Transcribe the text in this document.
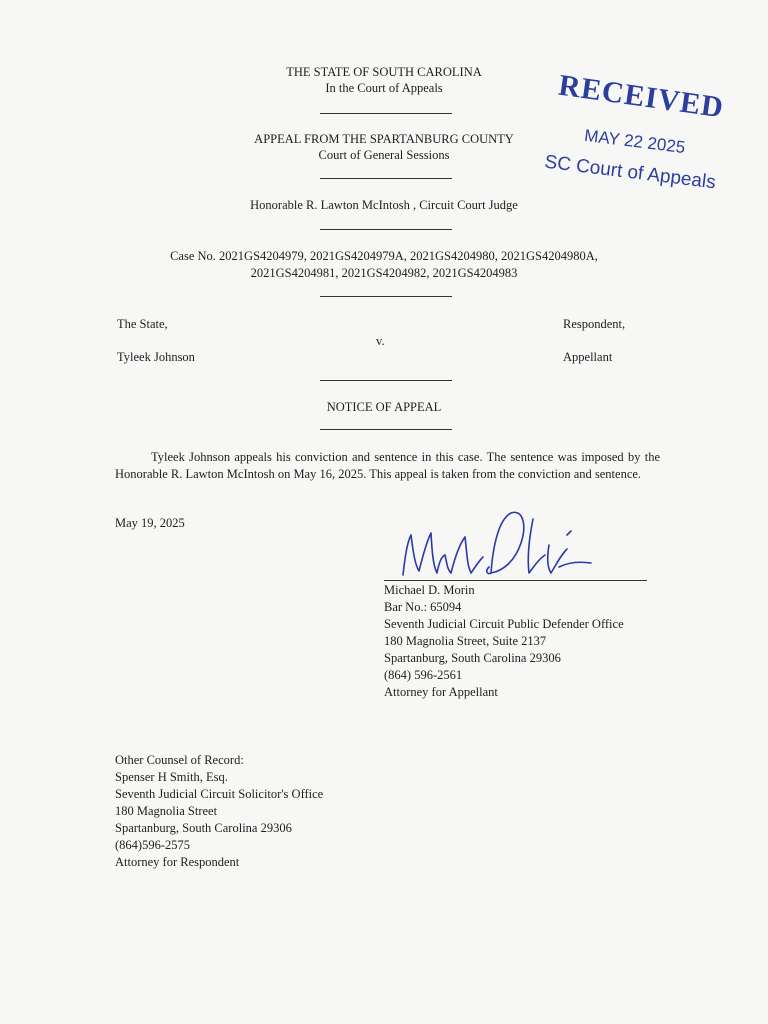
THE STATE OF SOUTH CAROLINA
In the Court of Appeals
APPEAL FROM THE SPARTANBURG COUNTY
Court of General Sessions
Honorable R. Lawton McIntosh , Circuit Court Judge
Case No. 2021GS4204979, 2021GS4204979A, 2021GS4204980, 2021GS4204980A,
2021GS4204981, 2021GS4204982, 2021GS4204983
The State,	Respondent,
v.
Tyleek Johnson	Appellant
NOTICE OF APPEAL
Tyleek Johnson appeals his conviction and sentence in this case. The sentence was imposed by the Honorable R. Lawton McIntosh on May 16, 2025. This appeal is taken from the conviction and sentence.
May 19, 2025
Michael D. Morin
Bar No.: 65094
Seventh Judicial Circuit Public Defender Office
180 Magnolia Street, Suite 2137
Spartanburg, South Carolina 29306
(864) 596-2561
Attorney for Appellant
Other Counsel of Record:
Spenser H Smith, Esq.
Seventh Judicial Circuit Solicitor's Office
180 Magnolia Street
Spartanburg, South Carolina 29306
(864)596-2575
Attorney for Respondent
RECEIVED
MAY 22 2025
SC Court of Appeals
